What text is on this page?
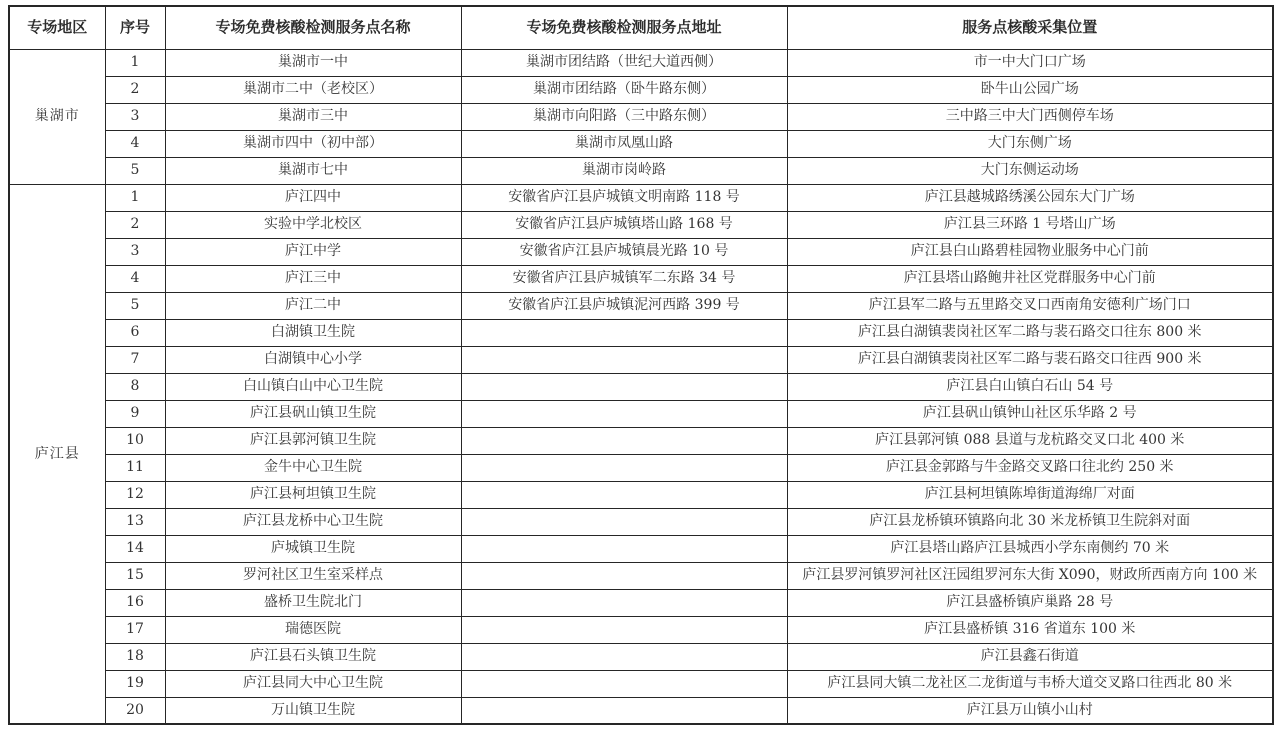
专场地区	序号	专场免费核酸检测服务点名称	专场免费核酸检测服务点地址	服务点核酸采集位置
巢湖市	1	巢湖市一中	巢湖市团结路（世纪大道西侧）	市一中大门口广场
	2	巢湖市二中（老校区）	巢湖市团结路（卧牛路东侧）	卧牛山公园广场
	3	巢湖市三中	巢湖市向阳路（三中路东侧）	三中路三中大门西侧停车场
	4	巢湖市四中（初中部）	巢湖市凤凰山路	大门东侧广场
	5	巢湖市七中	巢湖市岗岭路	大门东侧运动场
庐江县	1	庐江四中	安徽省庐江县庐城镇文明南路 118 号	庐江县越城路绣溪公园东大门广场
	2	实验中学北校区	安徽省庐江县庐城镇塔山路 168 号	庐江县三环路 1 号塔山广场
	3	庐江中学	安徽省庐江县庐城镇晨光路 10 号	庐江县白山路碧桂园物业服务中心门前
	4	庐江三中	安徽省庐江县庐城镇军二东路 34 号	庐江县塔山路鲍井社区党群服务中心门前
	5	庐江二中	安徽省庐江县庐城镇泥河西路 399 号	庐江县军二路与五里路交叉口西南角安德利广场门口
	6	白湖镇卫生院		庐江县白湖镇裴岗社区军二路与裴石路交口往东 800 米
	7	白湖镇中心小学		庐江县白湖镇裴岗社区军二路与裴石路交口往西 900 米
	8	白山镇白山中心卫生院		庐江县白山镇白石山 54 号
	9	庐江县矾山镇卫生院		庐江县矾山镇钟山社区乐华路 2 号
	10	庐江县郭河镇卫生院		庐江县郭河镇 088 县道与龙杭路交叉口北 400 米
	11	金牛中心卫生院		庐江县金郭路与牛金路交叉路口往北约 250 米
	12	庐江县柯坦镇卫生院		庐江县柯坦镇陈埠街道海绵厂对面
	13	庐江县龙桥中心卫生院		庐江县龙桥镇环镇路向北 30 米龙桥镇卫生院斜对面
	14	庐城镇卫生院		庐江县塔山路庐江县城西小学东南侧约 70 米
	15	罗河社区卫生室采样点		庐江县罗河镇罗河社区汪园组罗河东大街 X090，财政所西南方向 100 米
	16	盛桥卫生院北门		庐江县盛桥镇庐巢路 28 号
	17	瑞德医院		庐江县盛桥镇 316 省道东 100 米
	18	庐江县石头镇卫生院		庐江县鑫石街道
	19	庐江县同大中心卫生院		庐江县同大镇二龙社区二龙街道与韦桥大道交叉路口往西北 80 米
	20	万山镇卫生院		庐江县万山镇小山村
